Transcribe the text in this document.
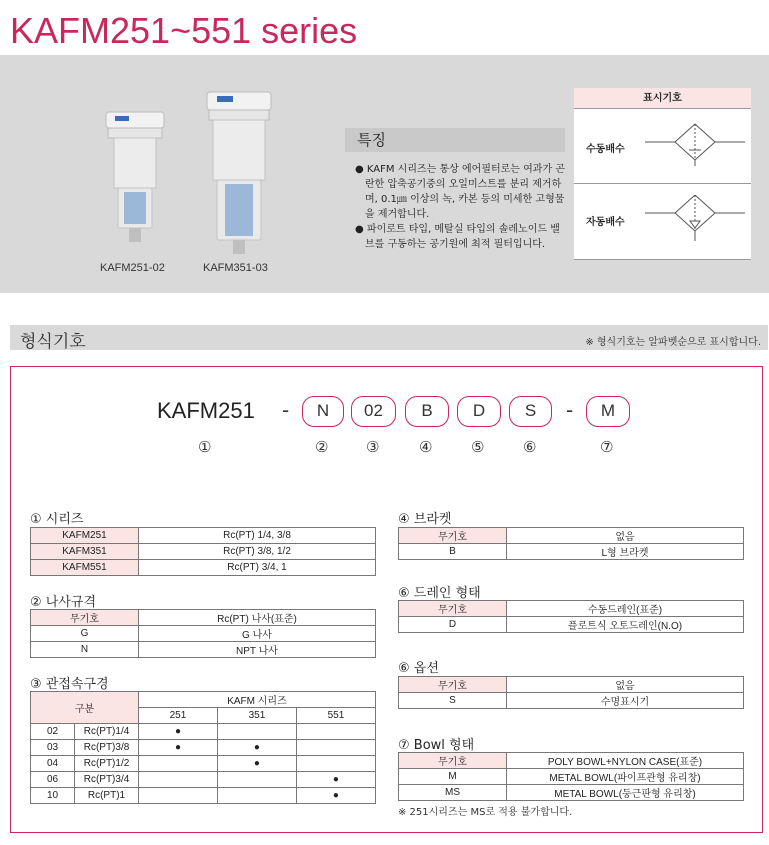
KAFM251~551 series
KAFM251-02	KAFM351-03
특징
● KAFM 시리즈는 통상 에어필터로는 여과가 곤란한 압축공기중의 오일미스트를 분리 제거하며, 0.1㎛ 이상의 녹, 카본 등의 미세한 고형물을 제거합니다.
● 파이로트 타입, 메탈실 타입의 솔레노이드 밸브를 구동하는 공기원에 최적 필터입니다.
표시기호
수동배수
자동배수
형식기호	※ 형식기호는 알파벳순으로 표시합니다.
KAFM251 -	N	02	B	D	S	-	M
①	②	③	④	⑤	⑥	⑦
① 시리즈
KAFM251	Rc(PT) 1/4, 3/8
KAFM351	Rc(PT) 3/8, 1/2
KAFM551	Rc(PT) 3/4, 1
② 나사규격
무기호	Rc(PT) 나사(표준)
G	G 나사
N	NPT 나사
③ 관접속구경
구분		KAFM 시리즈		
		251	351	551
02	Rc(PT)1/4	●		
03	Rc(PT)3/8	●	●	
04	Rc(PT)1/2		●	
06	Rc(PT)3/4			●
10	Rc(PT)1			●
④ 브라켓
무기호	없음
B	L형 브라켓
⑥ 드레인 형태
무기호	수동드레인(표준)
D	플로트식 오토드레인(N.O)
⑥ 옵션
무기호	없음
S	수명표시기
⑦ Bowl 형태
무기호	POLY BOWL+NYLON CASE(표준)
M	METAL BOWL(파이프관형 유리창)
MS	METAL BOWL(둥근판형 유리창)
※ 251시리즈는 MS로 적용 불가합니다.
